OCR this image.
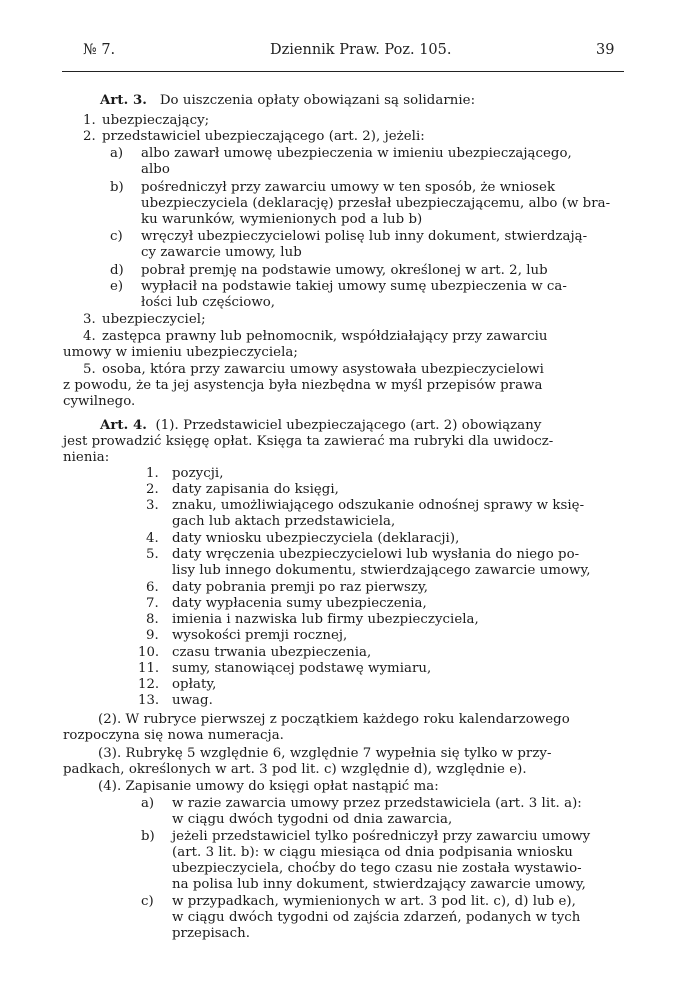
№ 7.	Dziennik Praw. Poz. 105.	39
Art. 3. Do uiszczenia opłaty obowiązani są solidarnie:
1. ubezpieczający;
2. przedstawiciel ubezpieczającego (art. 2), jeżeli:
a) albo zawarł umowę ubezpieczenia w imieniu ubezpieczającego,
albo
b) pośredniczył przy zawarciu umowy w ten sposób, że wniosek
ubezpieczyciela (deklarację) przesłał ubezpieczającemu, albo (w bra-
ku warunków, wymienionych pod a lub b)
c) wręczył ubezpieczycielowi polisę lub inny dokument, stwierdzają-
cy zawarcie umowy, lub
d) pobrał premję na podstawie umowy, określonej w art. 2, lub
e) wypłacił na podstawie takiej umowy sumę ubezpieczenia w ca-
łości lub częściowo,
3. ubezpieczyciel;
4. zastępca prawny lub pełnomocnik, współdziałający przy zawarciu
umowy w imieniu ubezpieczyciela;
5. osoba, która przy zawarciu umowy asystowała ubezpieczycielowi
z powodu, że ta jej asystencja była niezbędna w myśl przepisów prawa
cywilnego.
Art. 4. (1). Przedstawiciel ubezpieczającego (art. 2) obowiązany
jest prowadzić księgę opłat. Księga ta zawierać ma rubryki dla uwidocz-
nienia:
1. pozycji,
2. daty zapisania do księgi,
3. znaku, umożliwiającego odszukanie odnośnej sprawy w księ-
gach lub aktach przedstawiciela,
4. daty wniosku ubezpieczyciela (deklaracji),
5. daty wręczenia ubezpieczycielowi lub wysłania do niego po-
lisy lub innego dokumentu, stwierdzającego zawarcie umowy,
6. daty pobrania premji po raz pierwszy,
7. daty wypłacenia sumy ubezpieczenia,
8. imienia i nazwiska lub firmy ubezpieczyciela,
9. wysokości premji rocznej,
10. czasu trwania ubezpieczenia,
11. sumy, stanowiącej podstawę wymiaru,
12. opłaty,
13. uwag.
(2). W rubryce pierwszej z początkiem każdego roku kalendarzowego
rozpoczyna się nowa numeracja.
(3). Rubrykę 5 względnie 6, względnie 7 wypełnia się tylko w przy-
padkach, określonych w art. 3 pod lit. c) względnie d), względnie e).
(4). Zapisanie umowy do księgi opłat nastąpić ma:
a) w razie zawarcia umowy przez przedstawiciela (art. 3 lit. a):
w ciągu dwóch tygodni od dnia zawarcia,
b) jeżeli przedstawiciel tylko pośredniczył przy zawarciu umowy
(art. 3 lit. b): w ciągu miesiąca od dnia podpisania wniosku
ubezpieczyciela, choćby do tego czasu nie została wystawio-
na polisa lub inny dokument, stwierdzający zawarcie umowy,
c) w przypadkach, wymienionych w art. 3 pod lit. c), d) lub e),
w ciągu dwóch tygodni od zajścia zdarzeń, podanych w tych
przepisach.
